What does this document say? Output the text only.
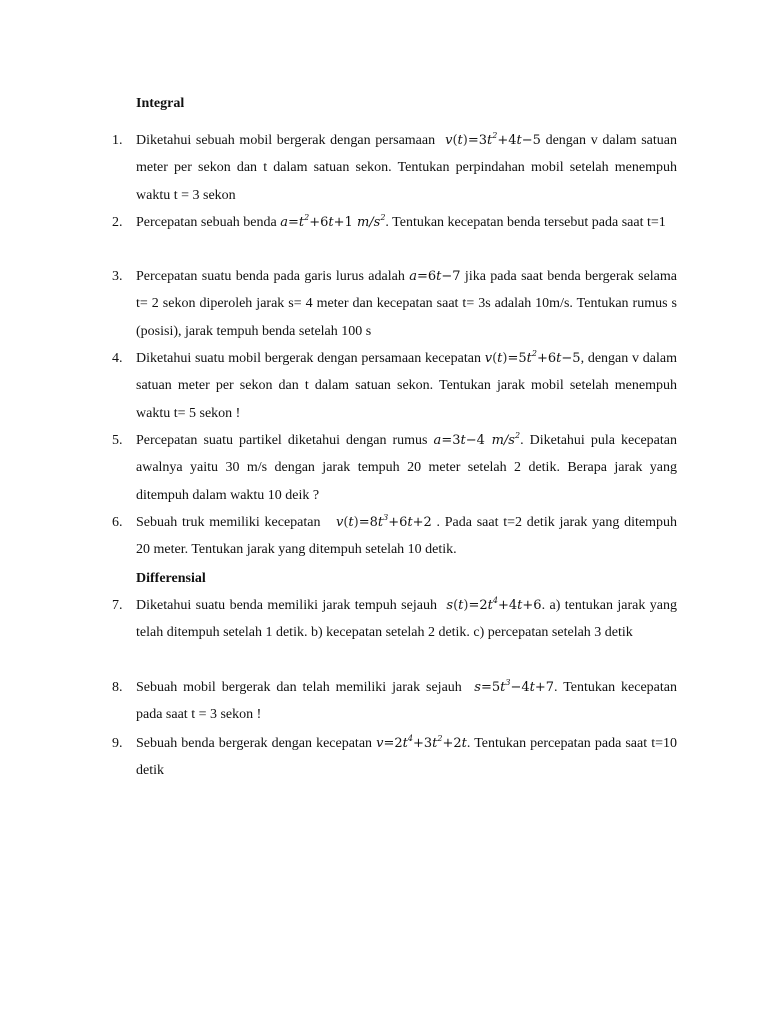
Integral
1. Diketahui sebuah mobil bergerak dengan persamaan  $v(t)=3t^2+4t-5$ dengan v dalam satuan meter per sekon dan t dalam satuan sekon. Tentukan perpindahan mobil setelah menempuh waktu t = 3 sekon
2. Percepatan sebuah benda $a=t^2+6t+1$ $m/s^2$. Tentukan kecepatan benda tersebut pada saat t=1
3. Percepatan suatu benda pada garis lurus adalah a=6t−7 jika pada saat benda bergerak selama t= 2 sekon diperoleh jarak s= 4 meter dan kecepatan saat t= 3s adalah 10m/s. Tentukan rumus s (posisi), jarak tempuh benda setelah 100 s
4. Diketahui suatu mobil bergerak dengan persamaan kecepatan $v(t)=5t^2+6t-5$, dengan v dalam satuan meter per sekon dan t dalam satuan sekon. Tentukan jarak mobil setelah menempuh waktu t= 5 sekon !
5. Percepatan suatu partikel diketahui dengan rumus a=3t−4 $m/s^2$. Diketahui pula kecepatan awalnya yaitu 30 m/s dengan jarak tempuh 20 meter setelah 2 detik. Berapa jarak yang ditempuh dalam waktu 10 deik ?
6. Sebuah truk memiliki kecepatan   $v(t)=8t^3+6t+2$ . Pada saat t=2 detik jarak yang ditempuh 20 meter. Tentukan jarak yang ditempuh setelah 10 detik.
Differensial
7. Diketahui suatu benda memiliki jarak tempuh sejauh  $s(t)=2t^4+4t+6$. a) tentukan jarak yang telah ditempuh setelah 1 detik. b) kecepatan setelah 2 detik. c) percepatan setelah 3 detik
8. Sebuah mobil bergerak dan telah memiliki jarak sejauh  $s=5t^3-4t+7$. Tentukan kecepatan pada saat t = 3 sekon !
9. Sebuah benda bergerak dengan kecepatan $v=2t^4+3t^2+2t$. Tentukan percepatan pada saat t=10 detik
